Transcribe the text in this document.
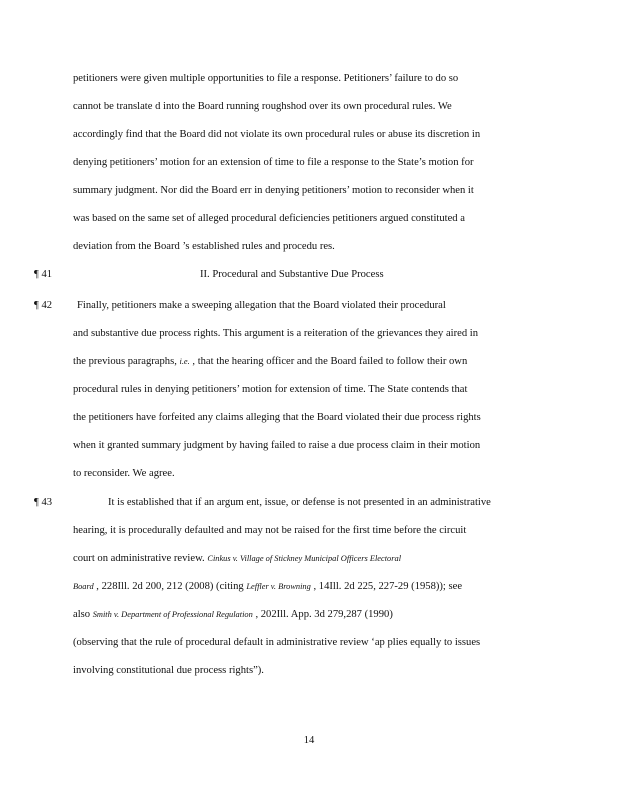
petitioners were given multiple opportunities to file a response. Petitioners’ failure to do so
cannot be translate d into the Board running roughshod over its own procedural rules. We
accordingly find that the Board did not violate its own procedural rules or abuse its discretion in
denying petitioners’ motion for an extension of time to file a response to the State’s motion for
summary judgment. Nor did the Board err in denying petitioners’ motion to reconsider when it
was based on the same set of alleged procedural deficiencies petitioners argued constituted a
deviation from the Board ’s established rules and procedu res.
¶ 41	II. Procedural and Substantive Due Process
¶ 42 Finally, petitioners make a sweeping allegation that the Board violated their procedural
and substantive due process rights. This argument is a reiteration of the grievances they aired in
the previous paragraphs, i.e. , that the hearing officer and the Board failed to follow their own
procedural rules in denying petitioners’ motion for extension of time. The State contends that
the petitioners have forfeited any claims alleging that the Board violated their due process rights
when it granted summary judgment by having failed to raise a due process claim in their motion
to reconsider. We agree.
¶ 43	It is established that if an argum ent, issue, or defense is not presented in an administrative
hearing, it is procedurally defaulted and may not be raised for the first time before the circuit
court on administrative review. Cinkus v. Village of Stickney Municipal Officers Electoral
Board , 228Ill. 2d 200, 212 (2008) (citing Leffler v. Browning , 14Ill. 2d 225, 227-29 (1958)); see
also Smith v. Department of Professional Regulation , 202Ill. App. 3d 279,287 (1990)
(observing that the rule of procedural default in administrative review ‘ap plies equally to issues
involving constitutional due process rights”).
14
